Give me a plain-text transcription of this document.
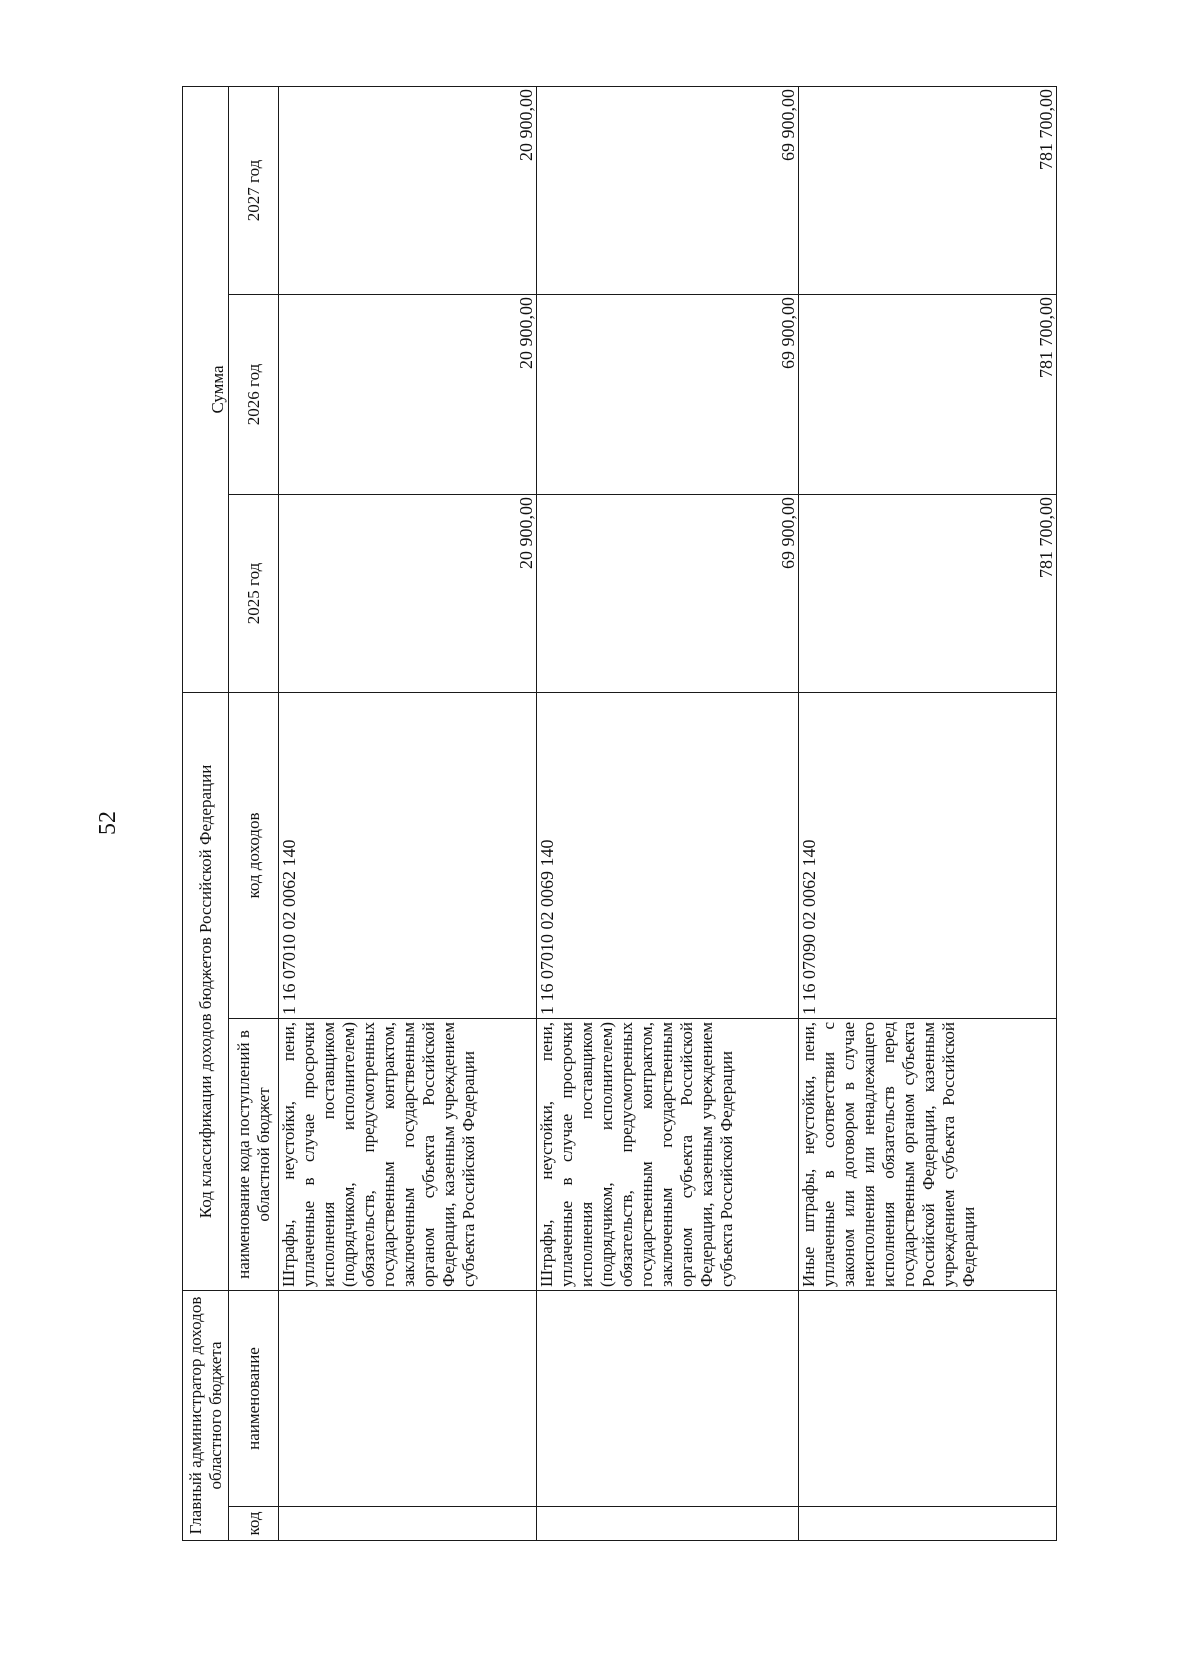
52
Главный администратор доходов областного бюджета		Код классификации доходов бюджетов Российской Федерации		Сумма		
код	наименование	наименование кода поступлений в областной бюджет	код доходов	2025 год	2026 год	2027 год
		Штрафы, неустойки, пени, уплаченные в случае просрочки исполнения поставщиком (подрядчиком, исполнителем) обязательств, предусмотренных государственным контрактом, заключенным государственным органом субъекта Российской Федерации, казенным учреждением субъекта Российской Федерации	1 16 07010 02 0062 140	20 900,00	20 900,00	20 900,00
		Штрафы, неустойки, пени, уплаченные в случае просрочки исполнения поставщиком (подрядчиком, исполнителем) обязательств, предусмотренных государственным контрактом, заключенным государственным органом субъекта Российской Федерации, казенным учреждением субъекта Российской Федерации	1 16 07010 02 0069 140	69 900,00	69 900,00	69 900,00
		Иные штрафы, неустойки, пени, уплаченные в соответствии с законом или договором в случае неисполнения или ненадлежащего исполнения обязательств перед государственным органом субъекта Российской Федерации, казенным учреждением субъекта Российской Федерации	1 16 07090 02 0062 140	781 700,00	781 700,00	781 700,00
